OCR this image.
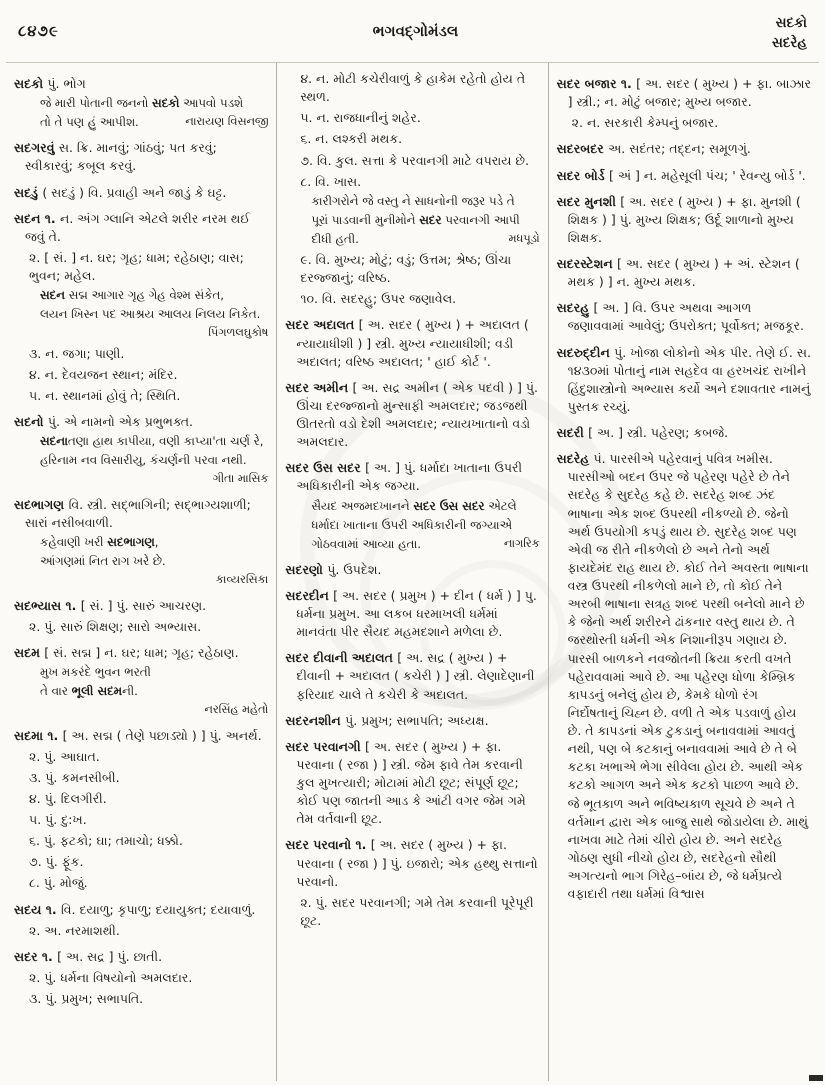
૮૪૭૯	ભગવદ્ગોમંડલ	સદકો
સદરેહ

સદકો પું. ભોગ

જે મારી પોતાની જનનો સદકો આપવો પડશે

તો તે પણ હું આપીશ.	નારાયણ વિસનજી

સદગરવું સ. ક્રિ. માનવું; ગાંઠવું; પત કરવું; સ્વીકારવું; કબૂલ કરવું.

સદડું ( સદડું ) વિ. પ્રવાહી અને જાડું કે ઘટ્ટ.

સદન ૧. ન. અંગ ગ્લાનિ એટલે શરીર નરમ થઈ જવું તે.

૨. [ સં. ] ન. ઘર; ગૃહ; ધામ; રહેઠાણ; વાસ; ભુવન; મહેલ.

સદન સદ્મ આગાર ગૃહ ગેહ વેશ્મ સંકેત,

લયન ખિસ્ન પદ આશ્રય આલય નિલય નિકેત.

પિંગળલઘુકોષ

૩. ન. જગા; પાણી.

૪. ન. દેવયજન સ્થાન; મંદિર.

૫. ન. સ્થાનમાં હોવું તે; સ્થિતિ.

સદનો પું. એ નામનો એક પ્રભુભક્ત.

સદનાતણા હાથ કાપીયા, વણી કાપ્યા'તા ચર્ણ રે,

હરિનામ નવ વિસારીયુ, કંચર્ણની પરવા નથી.

ગીતા માસિક

સદભાગણ વિ. સ્ત્રી. સદ્ભાગિની; સદ્ભાગ્યશાળી; સારાં નસીબવાળી.

કહેવાણી ખરી સદભાગણ,

આંગણમાં નિત રાગ ખરે છે.

કાવ્યરસિકા

સદભ્યાસ ૧. [ સં. ] પું. સારું આચરણ.

૨. પું. સારું શિક્ષણ; સારો અભ્યાસ.

સદમ [ સં. સદ્મ ] ન. ઘર; ધામ; ગૃહ; રહેઠાણ.

મુખ મકરંદે ભુવન ભરતી

તે વાર ભૂલી સદમની.

નરસિંહ મહેતો

સદમા ૧. [ અ. સદ્મ ( તેણે પછાડ્યો ) ] પું. અનર્થ.

૨. પું. આઘાત.

૩. પું. કમનસીબી.

૪. પું. દિલગીરી.

૫. પું. દુ:ખ.

૬. પું. ફટકો; ઘા; તમાચો; ધક્કો.

૭. પું. ફૂંક.

૮. પું. મોજું.

સદય ૧. વિ. દયાળુ; કૃપાળુ; દયાયુક્ત; દયાવાળું.

૨. અ. નરમાશથી.

સદર ૧. [ અ. સદ્ર ] પું. છાતી.

૨. પું. ધર્મના વિષયોનો અમલદાર.

૩. પું. પ્રમુખ; સભાપતિ.

૪. ન. મોટી કચેરીવાળું કે હાકેમ રહેતો હોય તે સ્થળ.

૫. ન. રાજધાનીનું શહેર.

૬. ન. લશ્કરી મથક.

૭. વિ. કુલ. સત્તા કે પરવાનગી માટે વપરાય છે.

૮. વિ. ખાસ.

કારીગરોને જે વસ્તુ ને સાધનોની જરૂર પડે તે

પૂરાં પાડવાની મુનીમોને સદર પરવાનગી આપી

દીધી હતી.	મધપૂડો

૯. વિ. મુખ્ય; મોટું; વડું; ઉત્તમ; શ્રેષ્ઠ; ઊંચા દરજ્જાનું; વરિષ્ઠ.

૧૦. વિ. સદરહુ; ઉપર જણાવેલ.

સદર અદાલત [ અ. સદર ( મુખ્ય ) + અદાલત ( ન્યાયાધીશી ) ] સ્ત્રી. મુખ્ય ન્યાયાધીશી; વડી અદાલત; વરિષ્ઠ અદાલત; ' હાઈ કોર્ટ '.

સદર અમીન [ અ. સદ્ર અમીન ( એક પદવી ) ] પું. ઊંચા દરજ્જાનો મુન્સાફી અમલદાર; જડજથી ઊતરતો વડો દેશી અમલદાર; ન્યાયખાતાનો વડો અમલદાર.

સદર ઉસ સદર [ અ. ] પું. ધર્માદા ખાતાના ઉપરી અધિકારીની એક જગ્યા.

સૈયદ અજમદખાનને સદર ઉસ સદર એટલે

ધર્માદા ખાતાના ઉપરી અધિકારીની જગ્યાએ

ગોઠવવામાં આવ્યા હતા.	નાગરિક

સદરણો પું. ઉપદેશ.

સદરદીન [ અ. સદર ( પ્રમુખ ) + દીન ( ધર્મ ) ] પુ. ધર્મના પ્રમુખ. આ લકબ ધરમાખલી ધર્મમાં માનવંતા પીર સૈયદ મહમદશાને મળેલા છે.

સદર દીવાની અદાલત [ અ. સદ્ર ( મુખ્ય ) + દીવાની + અદાલત ( કચેરી ) ] સ્ત્રી. લેણાદેણાની ફરિયાદ ચાલે તે કચેરી કે અદાલત.

સદરનશીન પું. પ્રમુખ; સભાપતિ; અધ્યક્ષ.

સદર પરવાનગી [ અ. સદર ( મુખ્ય ) + ફા. પરવાના ( રજા ) ] સ્ત્રી. જેમ ફાવે તેમ કરવાની કુલ મુખત્યારી; મોટામાં મોટી છૂટ; સંપૂર્ણ છૂટ; કોઈ પણ જાતની આડ કે આંટી વગર જેમ ગમે તેમ વર્તવાની છૂટ.

સદર પરવાનો ૧. [ અ. સદર ( મુખ્ય ) + ફા. પરવાના ( રજા ) ] પું. ઇજારો; એક હથ્થુ સત્તાનો પરવાનો.

૨. પું. સદર પરવાનગી; ગમે તેમ કરવાની પૂરેપૂરી છૂટ.

સદર બજાર ૧. [ અ. સદર ( મુખ્ય ) + ફા. બાઝાર ] સ્ત્રી.; ન. મોટું બજાર; મુખ્ય બજાર.

૨. ન. સરકારી કેમ્પનું બજાર.

સદરબદર અ. સદંતર; તદ્દન; સમૂળગું.

સદર બોર્ડ [ અં ] ન. મહેસૂલી પંચ; ' રેવન્યુ બોર્ડ '.

સદર મુનશી [ અ. સદર ( મુખ્ય ) + ફા. મુનશી ( શિક્ષક ) ] પું. મુખ્ય શિક્ષક; ઉર્દૂ શાળાનો મુખ્ય શિક્ષક.

સદરસ્ટેશન [ અ. સદર ( મુખ્ય ) + અં. સ્ટેશન ( મથક ) ] ન. મુખ્ય મથક.

સદરહુ [ અ. ] વિ. ઉપર અથવા આગળ જણાવવામાં આવેલું; ઉપરોક્ત; પૂર્વોક્ત; મજકૂર.

સદરુદ્દીન પું. ખોજા લોકોનો એક પીર. તેણે ઈ. સ. ૧૪૩૦માં પોતાનું નામ સહદેવ વા હરખચંદ રાખીને હિંદુશાસ્ત્રોનો અભ્યાસ કર્યો અને દશાવતાર નામનું પુસ્તક રચ્યું.

સદરી [ અ. ] સ્ત્રી. પહેરણ; કબજે.

સદરેહ પં. પારસીએ પહેરવાનું પવિત્ર ખમીસ. પારસીઓ બદન ઉપર જે પહેરણ પહેરે છે તેને સદરેહ કે સુદરેહ કહે છે. સદરેહ શબ્દ ઝંદ ભાષાના એક શબ્દ ઉપરથી નીકળ્યો છે. જેનો અર્થ ઉપયોગી કપડું થાય છે. સુદરેહ શબ્દ પણ એવી જ રીતે નીકળેલો છે અને તેનો અર્થ ફાયદેમંદ રાહ થાય છે. કોઈ તેને અવસ્તા ભાષાના વસ્ત્ર ઉપરથી નીકળેલો માને છે, તો કોઈ તેને અરબી ભાષાના સત્રહ શબ્દ પરથી બનેલો માને છે કે જેનો અર્થ શરીરને ઢાંકનાર વસ્તુ થાય છે. તે જરથોસ્તી ધર્મની એક નિશાનીરૂપ ગણાય છે. પારસી બાળકને નવજોતની ક્રિયા કરતી વખતે પહેરાવવામાં આવે છે. આ પહેરણ ધોળા કેમ્બ્રિક કાપડનું બનેલું હોય છે, કેમકે ધોળો રંગ નિર્દોષતાનું ચિહ્ન છે. વળી તે એક પડવાળું હોય છે. તે કાપડનાં એક ટુકડાનું બનાવવામાં આવતું નથી, પણ બે કટકાનું બનાવવામાં આવે છે તે બે કટકા ખભાએ ભેગા સીવેલા હોય છે. આથી એક કટકો આગળ અને એક કટકો પાછળ આવે છે. જે ભૂતકાળ અને ભવિષ્યકાળ સૂચવે છે અને તે વર્તમાન દ્વારા એક બાજુ સાથે જોડાયેલા છે. માથું નાખવા માટે તેમાં ચીરો હોય છે. અને સદરેહ ગોઠણ સુધી નીચો હોય છે, સદરેહનો સૌથી અગત્યનો ભાગ ગિરેહ–બાંય છે, જે ધર્મપ્રત્યે વફાદારી તથા ધર્મમાં વિશ્વાસ
